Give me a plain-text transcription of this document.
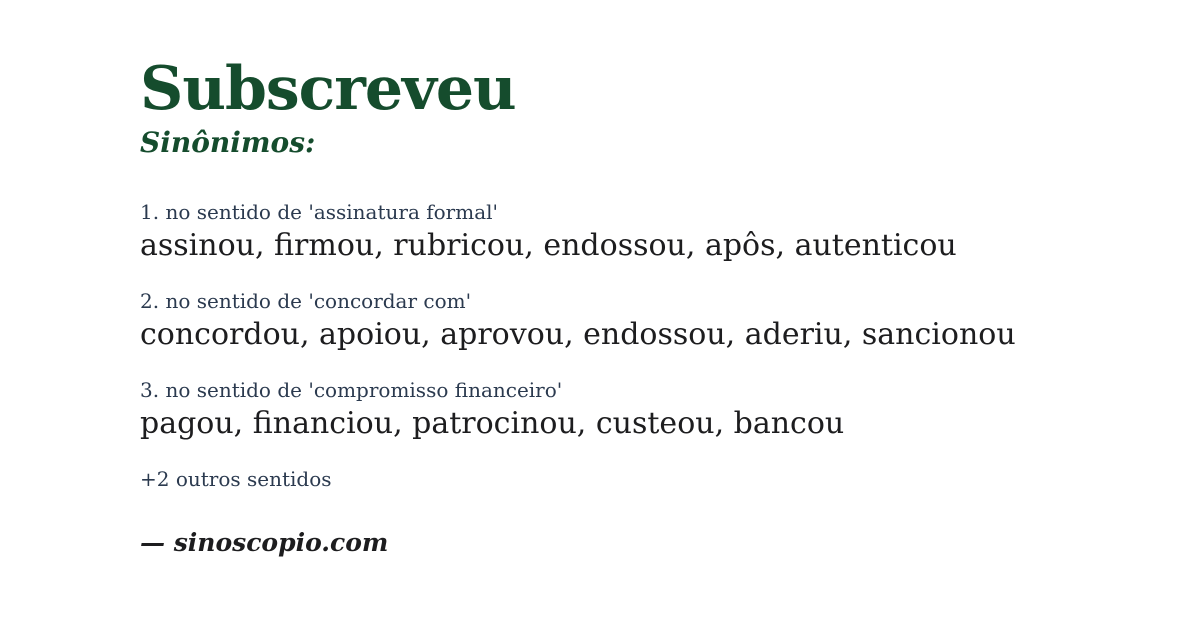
Subscreveu
Sinônimos:
1. no sentido de 'assinatura formal'
assinou, firmou, rubricou, endossou, apôs, autenticou
2. no sentido de 'concordar com'
concordou, apoiou, aprovou, endossou, aderiu, sancionou
3. no sentido de 'compromisso financeiro'
pagou, financiou, patrocinou, custeou, bancou
+2 outros sentidos
— sinoscopio.com
